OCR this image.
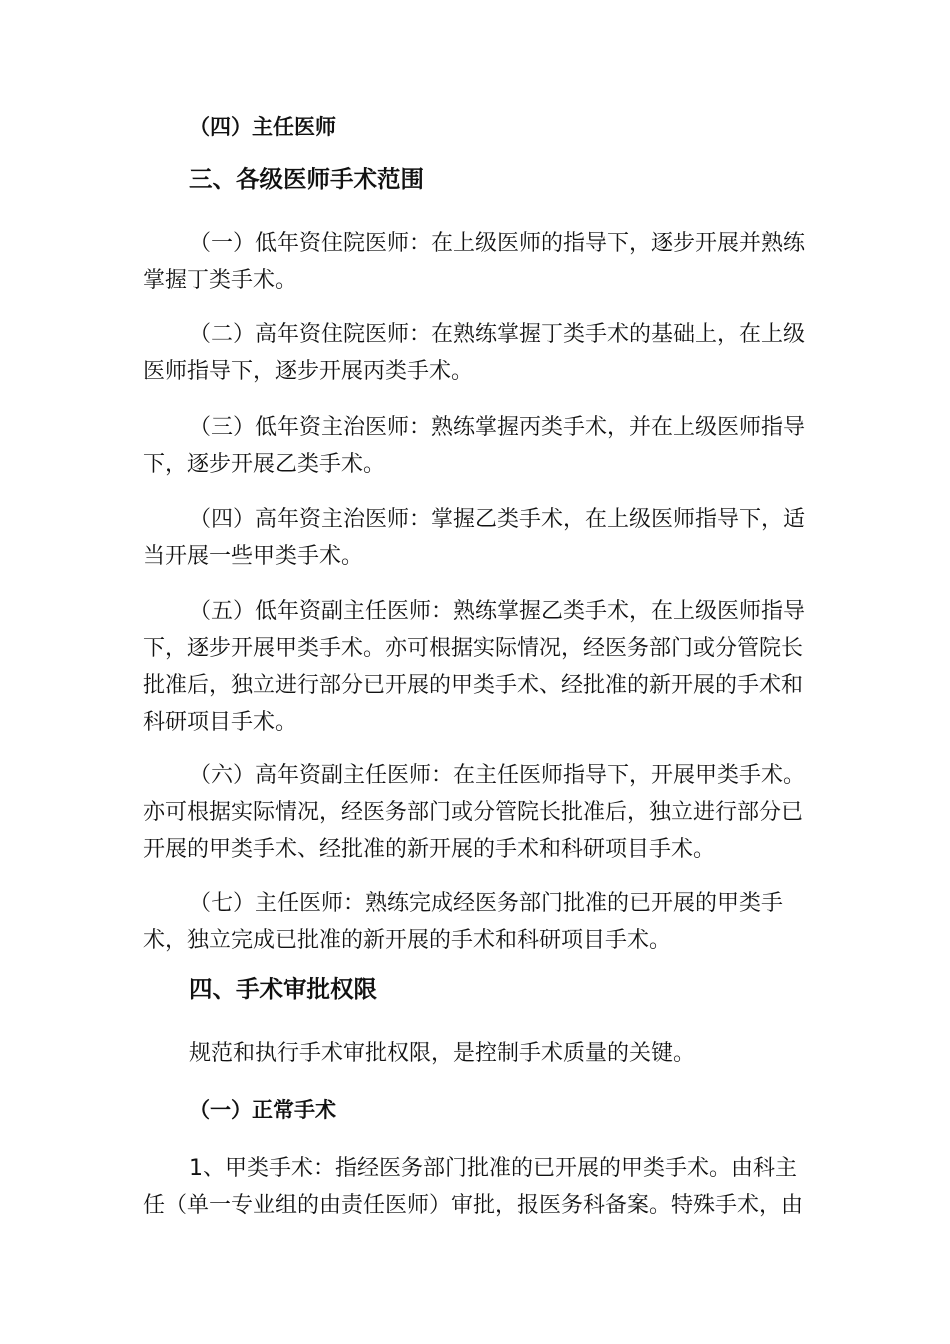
（四）主任医师
三、各级医师手术范围

（一）低年资住院医师：在上级医师的指导下，逐步开展并熟练掌握丁类手术。

（二）高年资住院医师：在熟练掌握丁类手术的基础上，在上级医师指导下，逐步开展丙类手术。

（三）低年资主治医师：熟练掌握丙类手术，并在上级医师指导下，逐步开展乙类手术。

（四）高年资主治医师：掌握乙类手术，在上级医师指导下，适当开展一些甲类手术。

（五）低年资副主任医师：熟练掌握乙类手术，在上级医师指导下，逐步开展甲类手术。亦可根据实际情况，经医务部门或分管院长批准后，独立进行部分已开展的甲类手术、经批准的新开展的手术和科研项目手术。

（六）高年资副主任医师：在主任医师指导下，开展甲类手术。亦可根据实际情况，经医务部门或分管院长批准后，独立进行部分已开展的甲类手术、经批准的新开展的手术和科研项目手术。

（七）主任医师：熟练完成经医务部门批准的已开展的甲类手术，独立完成已批准的新开展的手术和科研项目手术。

四、手术审批权限

规范和执行手术审批权限，是控制手术质量的关键。

（一）正常手术

1、甲类手术：指经医务部门批准的已开展的甲类手术。由科主任（单一专业组的由责任医师）审批，报医务科备案。特殊手术，由
